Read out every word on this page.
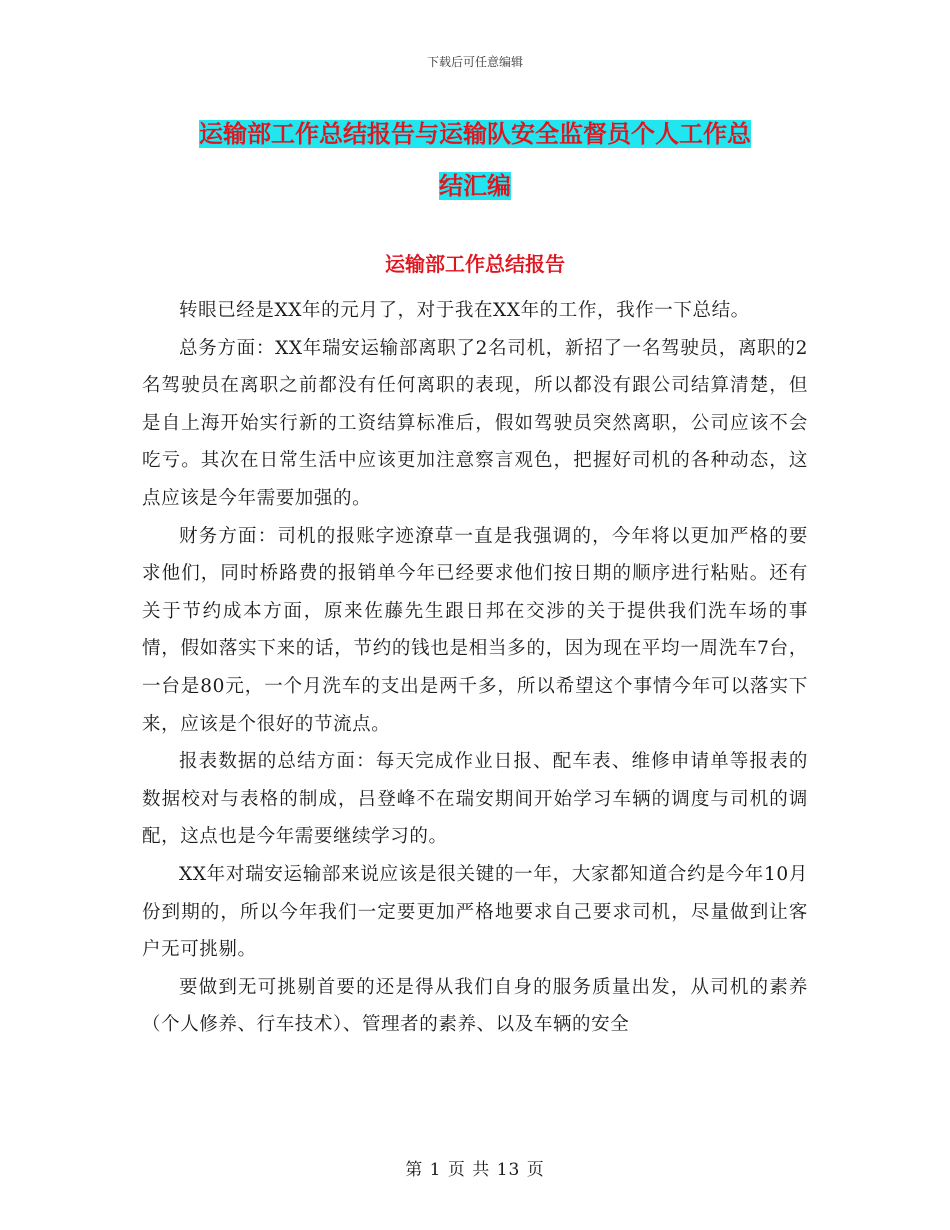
下载后可任意编辑
运输部工作总结报告与运输队安全监督员个人工作总
结汇编
运输部工作总结报告

转眼已经是XX年的元月了，对于我在XX年的工作，我作一下总结。

总务方面：XX年瑞安运输部离职了2名司机，新招了一名驾驶员，离职的2名驾驶员在离职之前都没有任何离职的表现，所以都没有跟公司结算清楚，但是自上海开始实行新的工资结算标准后，假如驾驶员突然离职，公司应该不会吃亏。其次在日常生活中应该更加注意察言观色，把握好司机的各种动态，这点应该是今年需要加强的。

财务方面：司机的报账字迹潦草一直是我强调的，今年将以更加严格的要求他们，同时桥路费的报销单今年已经要求他们按日期的顺序进行粘贴。还有关于节约成本方面，原来佐藤先生跟日邦在交涉的关于提供我们洗车场的事情，假如落实下来的话，节约的钱也是相当多的，因为现在平均一周洗车7台，一台是80元，一个月洗车的支出是两千多，所以希望这个事情今年可以落实下来，应该是个很好的节流点。

报表数据的总结方面：每天完成作业日报、配车表、维修申请单等报表的数据校对与表格的制成，吕登峰不在瑞安期间开始学习车辆的调度与司机的调配，这点也是今年需要继续学习的。

XX年对瑞安运输部来说应该是很关键的一年，大家都知道合约是今年10月份到期的，所以今年我们一定要更加严格地要求自己要求司机，尽量做到让客户无可挑剔。

要做到无可挑剔首要的还是得从我们自身的服务质量出发，从司机的素养（个人修养、行车技术）、管理者的素养、以及车辆的安全

第 1 页 共 13 页
